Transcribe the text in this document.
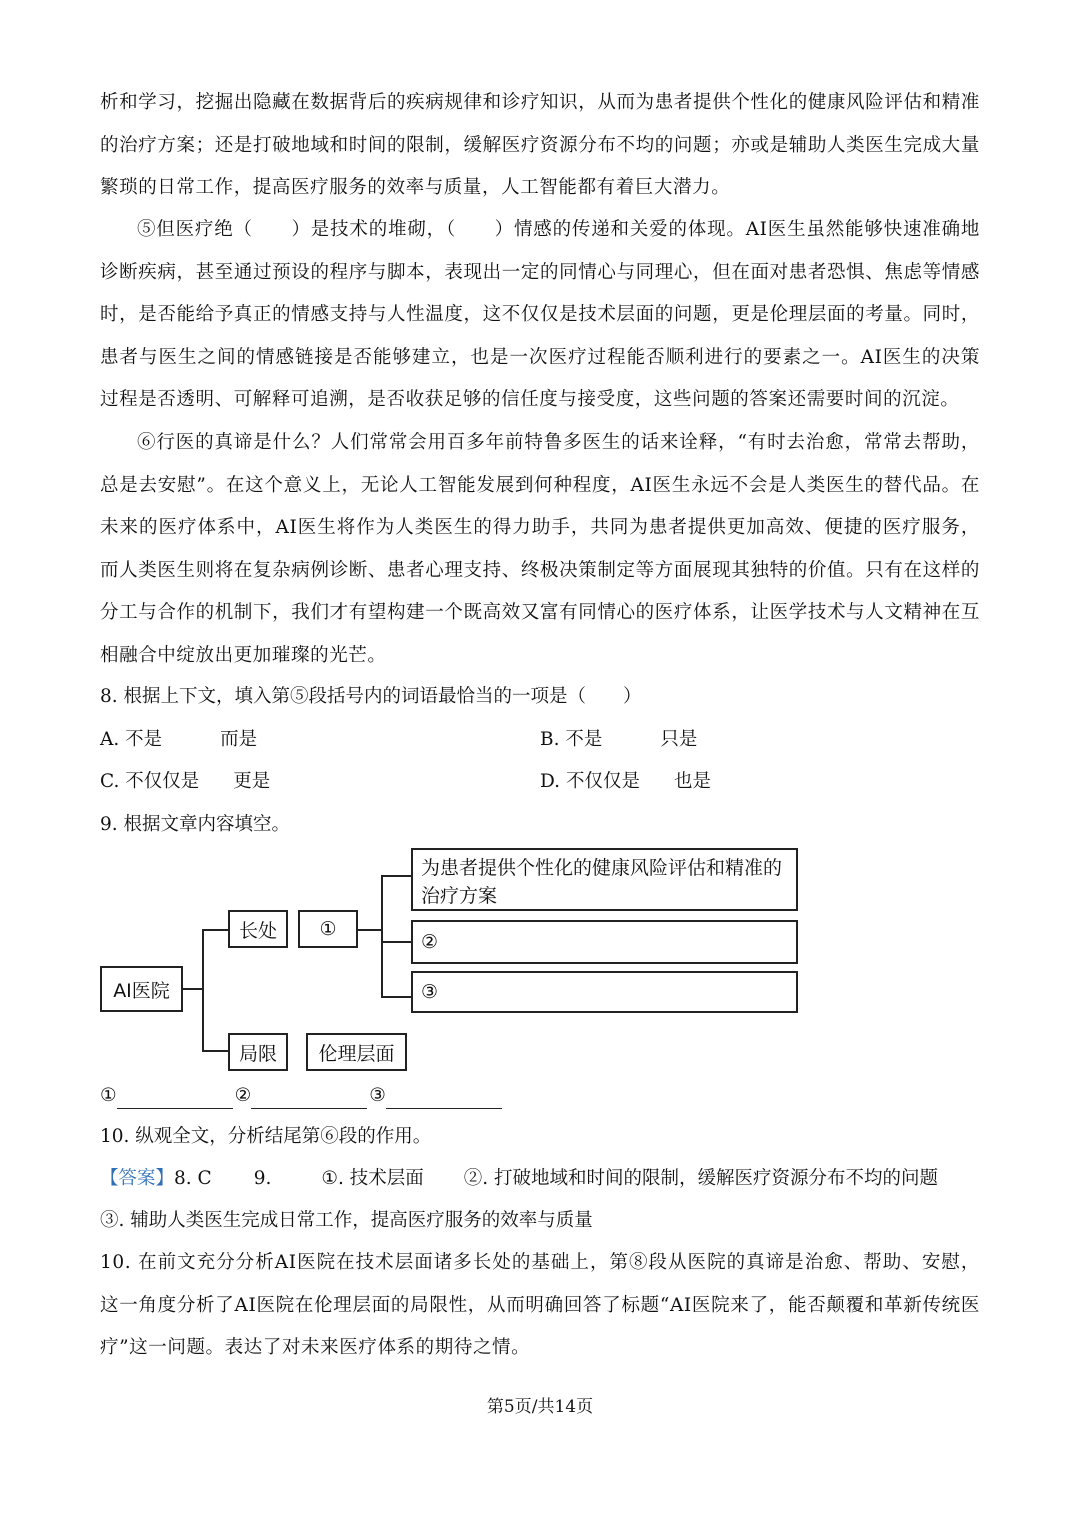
析和学习，挖掘出隐藏在数据背后的疾病规律和诊疗知识，从而为患者提供个性化的健康风险评估和精准的治疗方案；还是打破地域和时间的限制，缓解医疗资源分布不均的问题；亦或是辅助人类医生完成大量繁琐的日常工作，提高医疗服务的效率与质量，人工智能都有着巨大潜力。

⑤但医疗绝（　　）是技术的堆砌，（　　）情感的传递和关爱的体现。AI医生虽然能够快速准确地诊断疾病，甚至通过预设的程序与脚本，表现出一定的同情心与同理心，但在面对患者恐惧、焦虑等情感时，是否能给予真正的情感支持与人性温度，这不仅仅是技术层面的问题，更是伦理层面的考量。同时，患者与医生之间的情感链接是否能够建立，也是一次医疗过程能否顺利进行的要素之一。AI医生的决策过程是否透明、可解释可追溯，是否收获足够的信任度与接受度，这些问题的答案还需要时间的沉淀。

⑥行医的真谛是什么？人们常常会用百多年前特鲁多医生的话来诠释，“有时去治愈，常常去帮助，总是去安慰”。在这个意义上，无论人工智能发展到何种程度，AI医生永远不会是人类医生的替代品。在未来的医疗体系中，AI医生将作为人类医生的得力助手，共同为患者提供更加高效、便捷的医疗服务，而人类医生则将在复杂病例诊断、患者心理支持、终极决策制定等方面展现其独特的价值。只有在这样的分工与合作的机制下，我们才有望构建一个既高效又富有同情心的医疗体系，让医学技术与人文精神在互相融合中绽放出更加璀璨的光芒。

8. 根据上下文，填入第⑤段括号内的词语最恰当的一项是（　　）

A. 不是	而是	B. 不是	只是
C. 不仅仅是 更是	D. 不仅仅是 也是

9. 根据文章内容填空。

AI医院
长处	①
为患者提供个性化的健康风险评估和精准的治疗方案
②
③
局限	伦理层面
①	②	③

10. 纵观全文，分析结尾第⑥段的作用。

【答案】8. C 9.	①. 技术层面 ②. 打破地域和时间的限制，缓解医疗资源分布不均的问题

③. 辅助人类医生完成日常工作，提高医疗服务的效率与质量

10. 在前文充分分析AI医院在技术层面诸多长处的基础上，第⑧段从医院的真谛是治愈、帮助、安慰，这一角度分析了AI医院在伦理层面的局限性，从而明确回答了标题“AI医院来了，能否颠覆和革新传统医疗”这一问题。表达了对未来医疗体系的期待之情。

第5页/共14页
